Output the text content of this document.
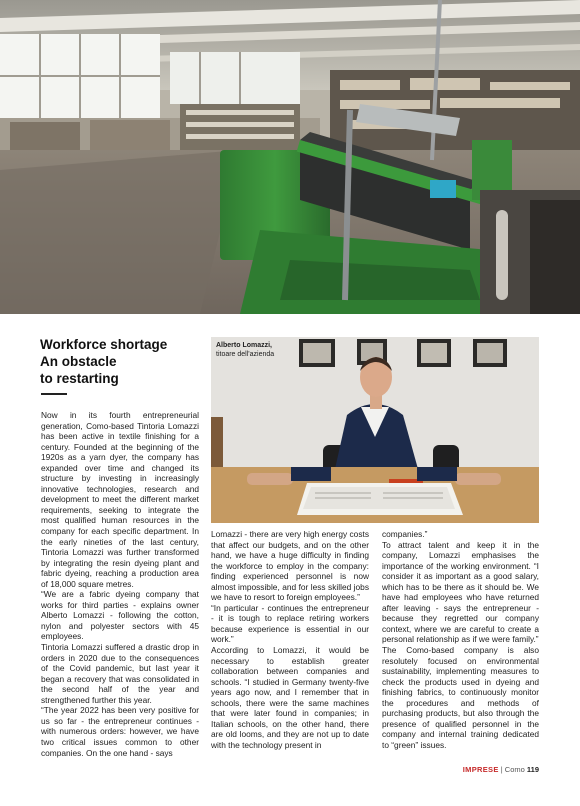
Workforce shortage
An obstacle
to restarting
Alberto Lomazzi,
titoare dell'azienda

Now in its fourth entrepreneurial generation, Como-based Tintoria Lomazzi has been active in textile finishing for a century. Founded at the beginning of the 1920s as a yarn dyer, the company has expanded over time and changed its structure by investing in increasingly innovative technologies, research and development to meet the different market requirements, seeking to integrate the most qualified human resources in the company for each specific department. In the early nineties of the last century, Tintoria Lomazzi was further transformed by integrating the resin dyeing plant and fabric dyeing, reaching a production area of 18,000 square metres.

“We are a fabric dyeing company that works for third parties - explains owner Alberto Lomazzi - following the cotton, nylon and polyester sectors with 45 employees.

Tintoria Lomazzi suffered a drastic drop in orders in 2020 due to the consequences of the Covid pandemic, but last year it began a recovery that was consolidated in the second half of the year and strengthened further this year.

“The year 2022 has been very positive for us so far - the entrepreneur continues - with numerous orders: however, we have two critical issues common to other companies. On the one hand - says

Lomazzi - there are very high energy costs that affect our budgets, and on the other hand, we have a huge difficulty in finding the workforce to employ in the company: finding experienced personnel is now almost impossible, and for less skilled jobs we have to resort to foreign employees.”

“In particular - continues the entrepreneur - it is tough to replace retiring workers because experience is essential in our work.”

According to Lomazzi, it would be necessary to establish greater collaboration between companies and schools. “I studied in Germany twenty-five years ago now, and I remember that in schools, there were the same machines that were later found in companies; in Italian schools, on the other hand, there are old looms, and they are not up to date with the technology present in

companies.”

To attract talent and keep it in the company, Lomazzi emphasises the importance of the working environment. “I consider it as important as a good salary, which has to be there as it should be. We have had employees who have returned after leaving - says the entrepreneur - because they regretted our company context, where we are careful to create a personal relationship as if we were family.”

The Como-based company is also resolutely focused on environmental sustainability, implementing measures to check the products used in dyeing and finishing fabrics, to continuously monitor the procedures and methods of purchasing products, but also through the presence of qualified personnel in the company and internal training dedicated to “green” issues.

IMPRESE | Como 119
